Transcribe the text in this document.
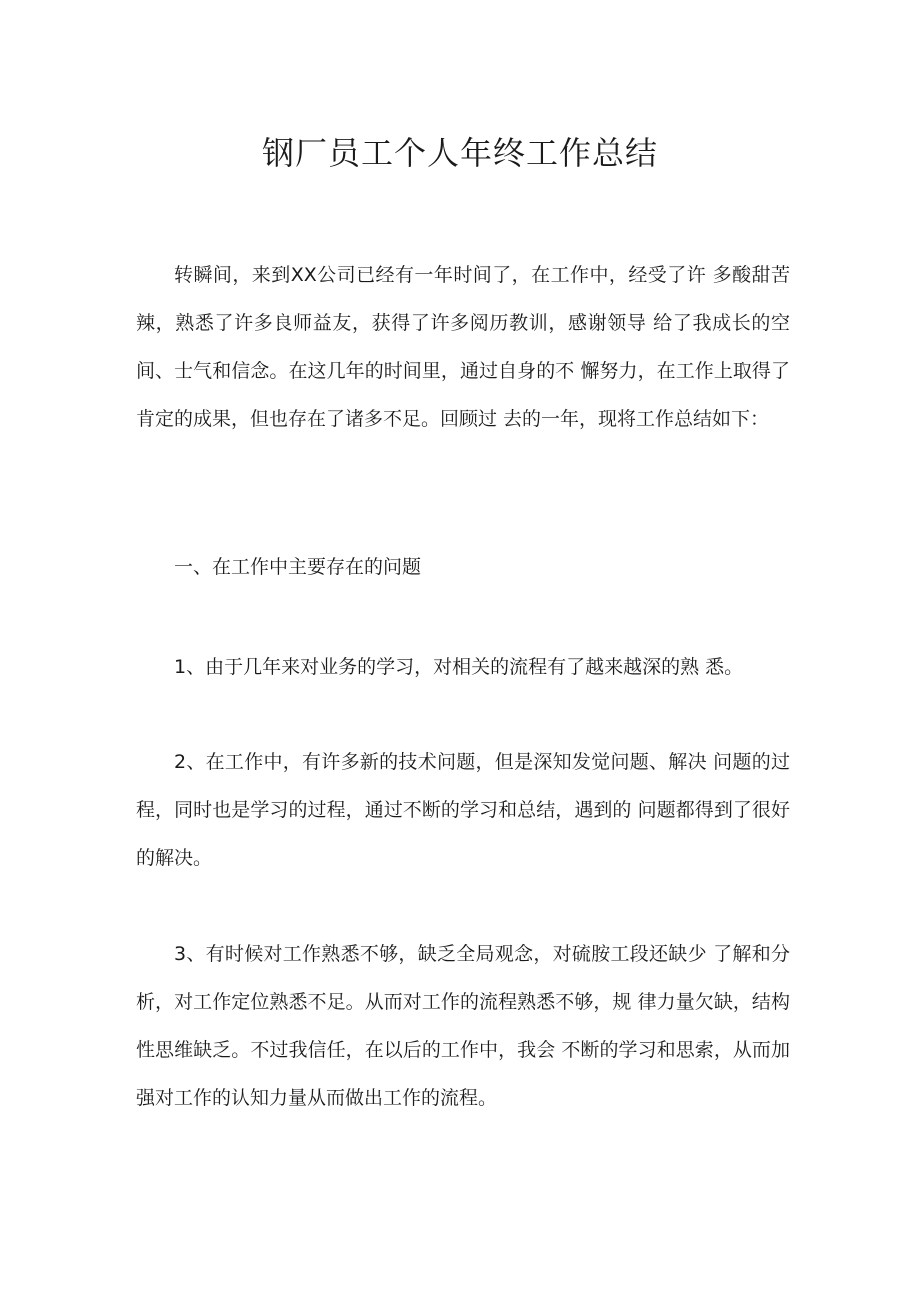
钢厂员工个人年终工作总结

转瞬间，来到XX公司已经有一年时间了，在工作中，经受了许 多酸甜苦辣，熟悉了许多良师益友，获得了许多阅历教训，感谢领导 给了我成长的空间、士气和信念。在这几年的时间里，通过自身的不 懈努力，在工作上取得了肯定的成果，但也存在了诸多不足。回顾过 去的一年，现将工作总结如下：

一、在工作中主要存在的问题

1、由于几年来对业务的学习，对相关的流程有了越来越深的熟 悉。

2、在工作中，有许多新的技术问题，但是深知发觉问题、解决 问题的过程，同时也是学习的过程，通过不断的学习和总结，遇到的 问题都得到了很好的解决。

3、有时候对工作熟悉不够，缺乏全局观念，对硫胺工段还缺少 了解和分析，对工作定位熟悉不足。从而对工作的流程熟悉不够，规 律力量欠缺，结构性思维缺乏。不过我信任，在以后的工作中，我会 不断的学习和思索，从而加强对工作的认知力量从而做出工作的流程。
